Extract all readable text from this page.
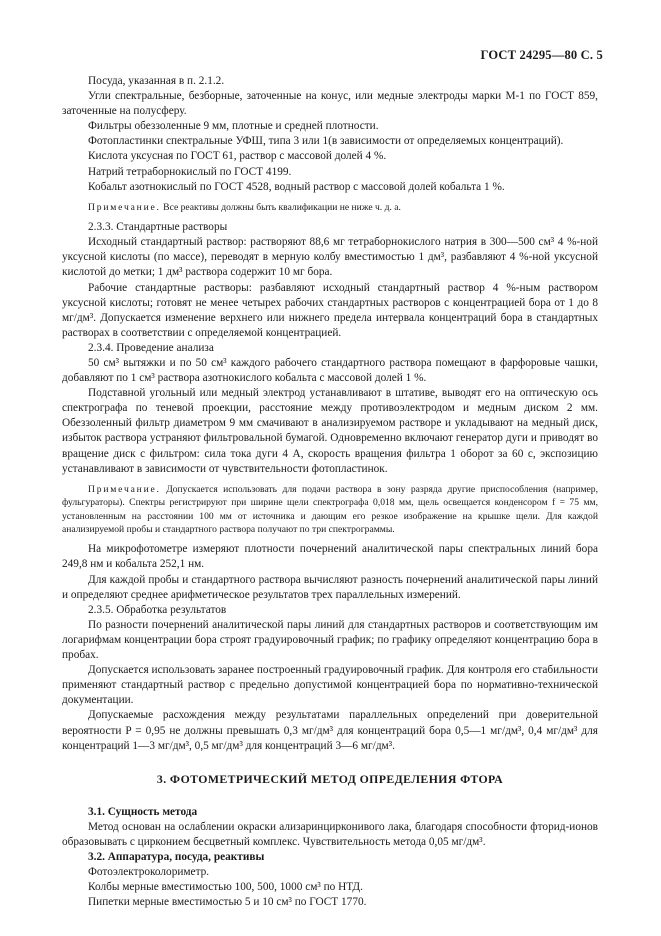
ГОСТ 24295—80 С. 5

Посуда, указанная в п. 2.1.2.

Угли спектральные, безборные, заточенные на конус, или медные электроды марки М-1 по ГОСТ 859, заточенные на полусферу.

Фильтры обеззоленные 9 мм, плотные и средней плотности.

Фотопластинки спектральные УФШ, типа 3 или 1(в зависимости от определяемых концентраций).

Кислота уксусная по ГОСТ 61, раствор с массовой долей 4 %.

Натрий тетраборнокислый по ГОСТ 4199.

Кобальт азотнокислый по ГОСТ 4528, водный раствор с массовой долей кобальта 1 %.

Примечание. Все реактивы должны быть квалификации не ниже ч. д. а.

2.3.3. Стандартные растворы

Исходный стандартный раствор: растворяют 88,6 мг тетраборнокислого натрия в 300—500 см³ 4 %-ной уксусной кислоты (по массе), переводят в мерную колбу вместимостью 1 дм³, разбавляют 4 %-ной уксусной кислотой до метки; 1 дм³ раствора содержит 10 мг бора.

Рабочие стандартные растворы: разбавляют исходный стандартный раствор 4 %-ным раствором уксусной кислоты; готовят не менее четырех рабочих стандартных растворов с концентрацией бора от 1 до 8 мг/дм³. Допускается изменение верхнего или нижнего предела интервала концентраций бора в стандартных растворах в соответствии с определяемой концентрацией.

2.3.4. Проведение анализа

50 см³ вытяжки и по 50 см³ каждого рабочего стандартного раствора помещают в фарфоровые чашки, добавляют по 1 см³ раствора азотнокислого кобальта с массовой долей 1 %.

Подставной угольный или медный электрод устанавливают в штативе, выводят его на оптическую ось спектрографа по теневой проекции, расстояние между противоэлектродом и медным диском 2 мм. Обеззоленный фильтр диаметром 9 мм смачивают в анализируемом растворе и укладывают на медный диск, избыток раствора устраняют фильтровальной бумагой. Одновременно включают генератор дуги и приводят во вращение диск с фильтром: сила тока дуги 4 А, скорость вращения фильтра 1 оборот за 60 с, экспозицию устанавливают в зависимости от чувствительности фотопластинок.

Примечание. Допускается использовать для подачи раствора в зону разряда другие приспособления (например, фульгураторы). Спектры регистрируют при ширине щели спектрографа 0,018 мм, щель освещается конденсором f = 75 мм, установленным на расстоянии 100 мм от источника и дающим его резкое изображение на крышке щели. Для каждой анализируемой пробы и стандартного раствора получают по три спектрограммы.

На микрофотометре измеряют плотности почернений аналитической пары спектральных линий бора 249,8 нм и кобальта 252,1 нм.

Для каждой пробы и стандартного раствора вычисляют разность почернений аналитической пары линий и определяют среднее арифметическое результатов трех параллельных измерений.

2.3.5. Обработка результатов

По разности почернений аналитической пары линий для стандартных растворов и соответствующим им логарифмам концентрации бора строят градуировочный график; по графику определяют концентрацию бора в пробах.

Допускается использовать заранее построенный градуировочный график. Для контроля его стабильности применяют стандартный раствор с предельно допустимой концентрацией бора по нормативно-технической документации.

Допускаемые расхождения между результатами параллельных определений при доверительной вероятности P = 0,95 не должны превышать 0,3 мг/дм³ для концентраций бора 0,5—1 мг/дм³, 0,4 мг/дм³ для концентраций 1—3 мг/дм³, 0,5 мг/дм³ для концентраций 3—6 мг/дм³.

3. ФОТОМЕТРИЧЕСКИЙ МЕТОД ОПРЕДЕЛЕНИЯ ФТОРА

3.1. Сущность метода

Метод основан на ослаблении окраски ализаринцирконивого лака, благодаря способности фторид-ионов образовывать с цирконием бесцветный комплекс. Чувствительность метода 0,05 мг/дм³.

3.2. Аппаратура, посуда, реактивы

Фотоэлектроколориметр.

Колбы мерные вместимостью 100, 500, 1000 см³ по НТД.

Пипетки мерные вместимостью 5 и 10 см³ по ГОСТ 1770.
